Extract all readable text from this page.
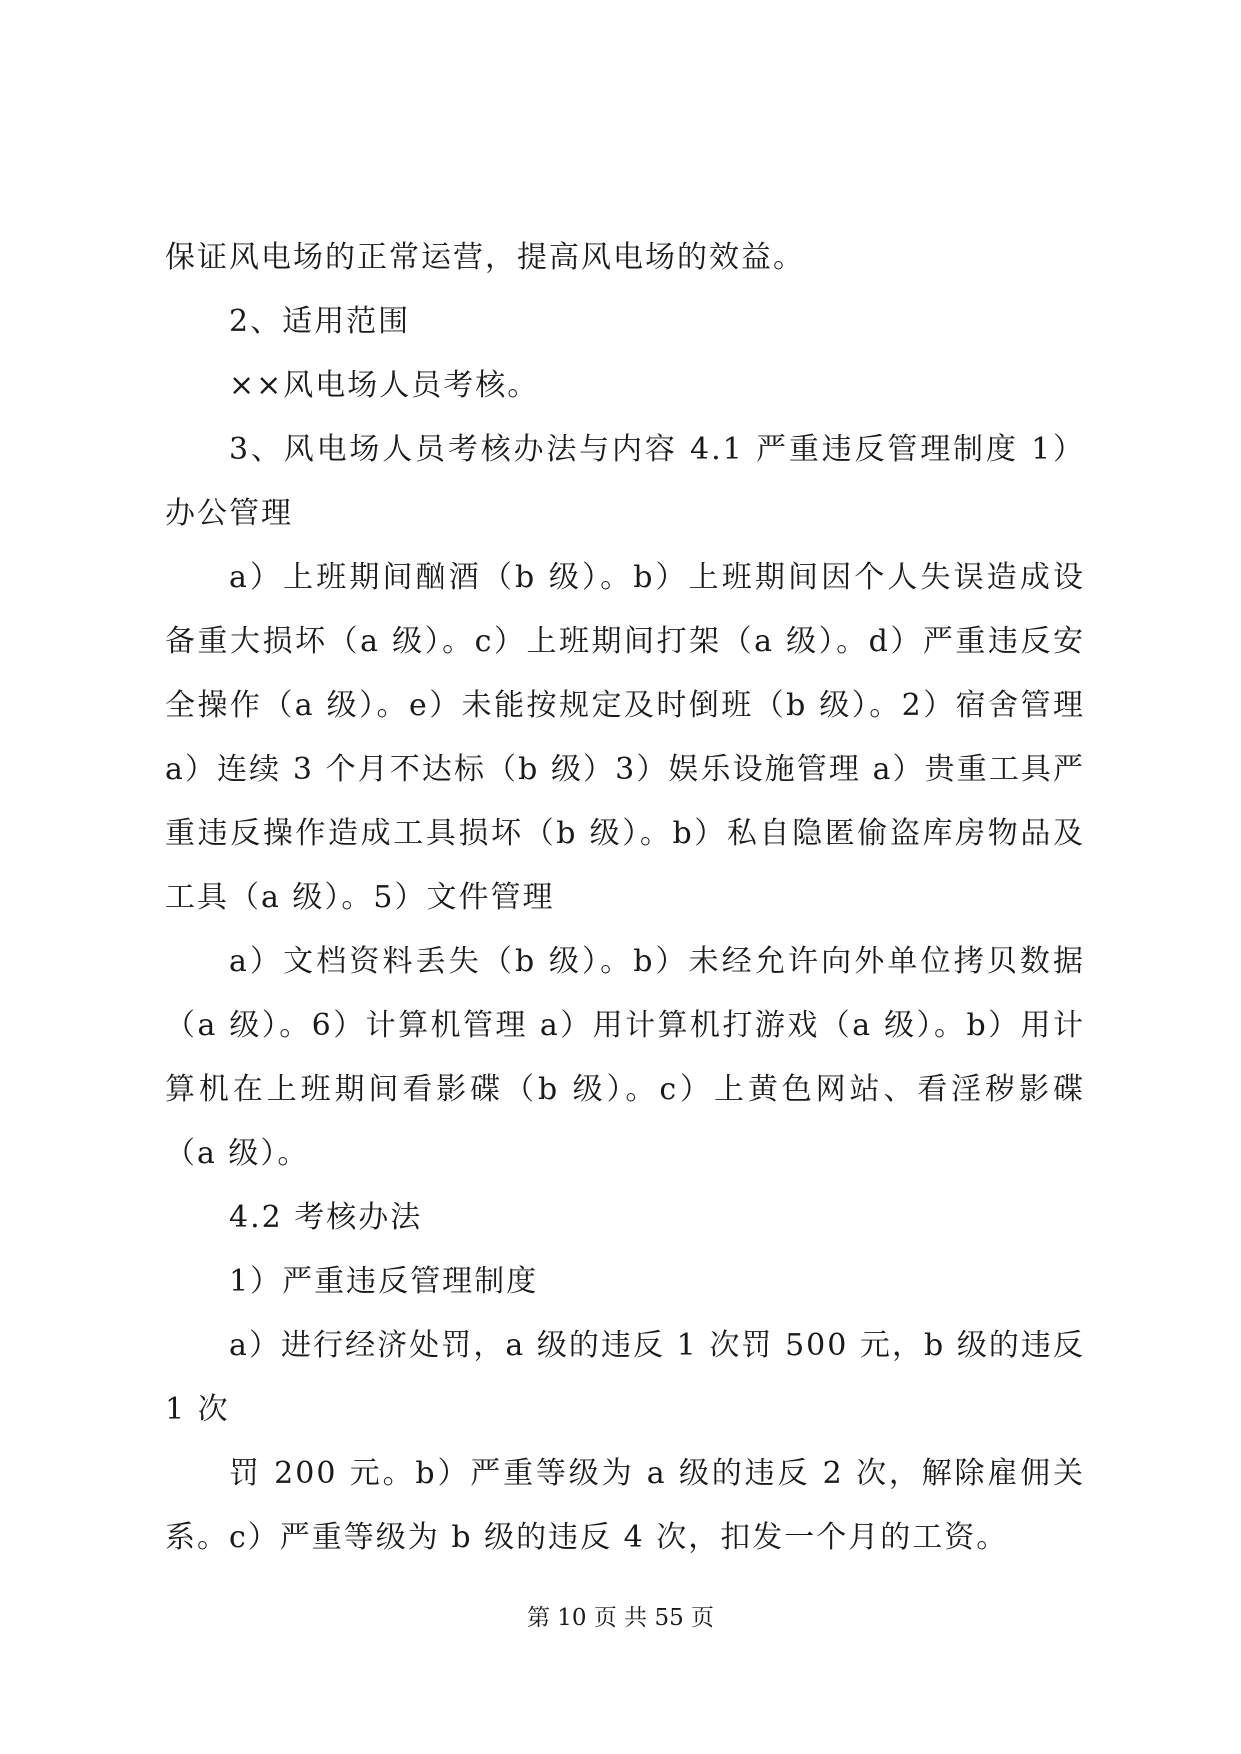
保证风电场的正常运营，提高风电场的效益。

2、适用范围

××风电场人员考核。

3、风电场人员考核办法与内容 4.1 严重违反管理制度 1）办公管理

a）上班期间酗酒（b 级）。b）上班期间因个人失误造成设备重大损坏（a 级）。c）上班期间打架（a 级）。d）严重违反安全操作（a 级）。e）未能按规定及时倒班（b 级）。2）宿舍管理 a）连续 3 个月不达标（b 级）3）娱乐设施管理 a）贵重工具严重违反操作造成工具损坏（b 级）。b）私自隐匿偷盗库房物品及工具（a 级）。5）文件管理

a）文档资料丢失（b 级）。b）未经允许向外单位拷贝数据（a 级）。6）计算机管理 a）用计算机打游戏（a 级）。b）用计算机在上班期间看影碟（b 级）。c）上黄色网站、看淫秽影碟（a 级）。

4.2 考核办法

1）严重违反管理制度

a）进行经济处罚，a 级的违反 1 次罚 500 元，b 级的违反 1 次

罚 200 元。b）严重等级为 a 级的违反 2 次，解除雇佣关系。c）严重等级为 b 级的违反 4 次，扣发一个月的工资。

第 10 页 共 55 页
